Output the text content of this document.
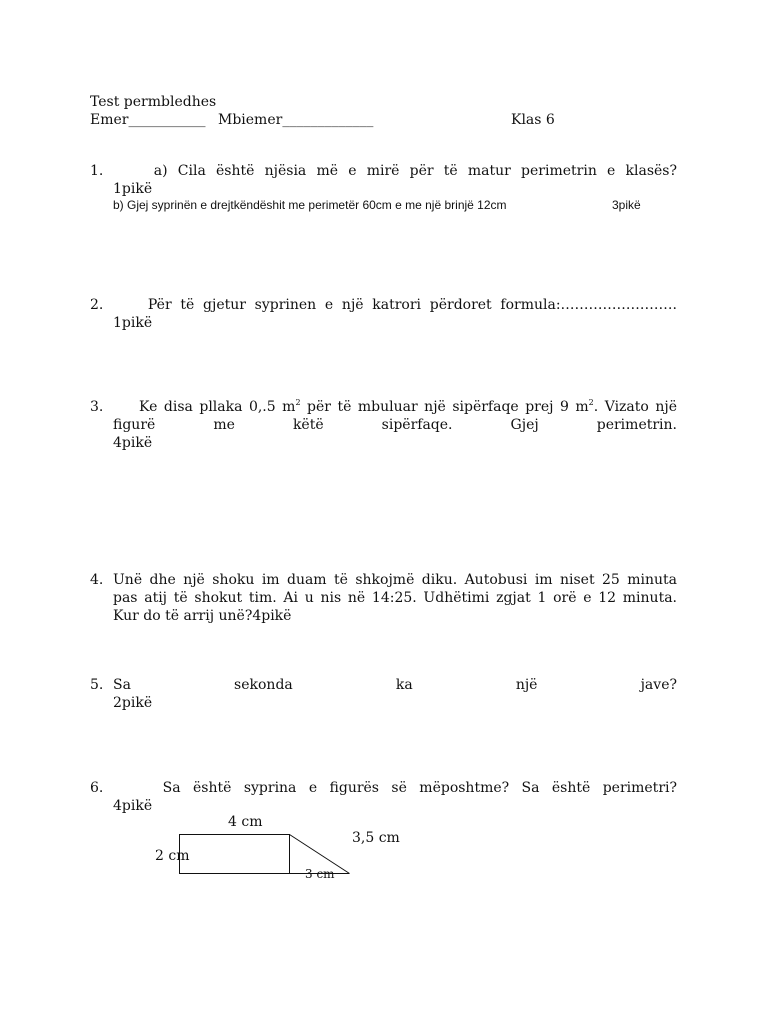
Test permbledhes
Emer___________ Mbiemer_____________	Klas 6
1.	a) Cila është njësia më e mirë për të matur perimetrin e klasës?
1pikë
b) Gjej syprinën e drejtkëndëshit me perimetër 60cm e me një brinjë 12cm	3pikë
2.	Për të gjetur syprinen e një katrori përdoret formula:…………………….
1pikë
3.	Ke disa pllaka 0,.5 $m^2$ për të mbuluar një sipërfaqe prej 9 $m^2$. Vizato një
figurë me këtë sipërfaqe. Gjej perimetrin.
4pikë
4. Unë dhe një shoku im duam të shkojmë diku. Autobusi im niset 25 minuta
pas atij të shokut tim. Ai u nis në 14:25. Udhëtimi zgjat 1 orë e 12 minuta.
Kur do të arrij unë?4pikë
5. Sa	sekonda	ka	një	jave?
2pikë
6.	Sa është syprina e figurës së mëposhtme? Sa është perimetri?
4pikë
4 cm
2 cm
3,5 cm
3 cm
